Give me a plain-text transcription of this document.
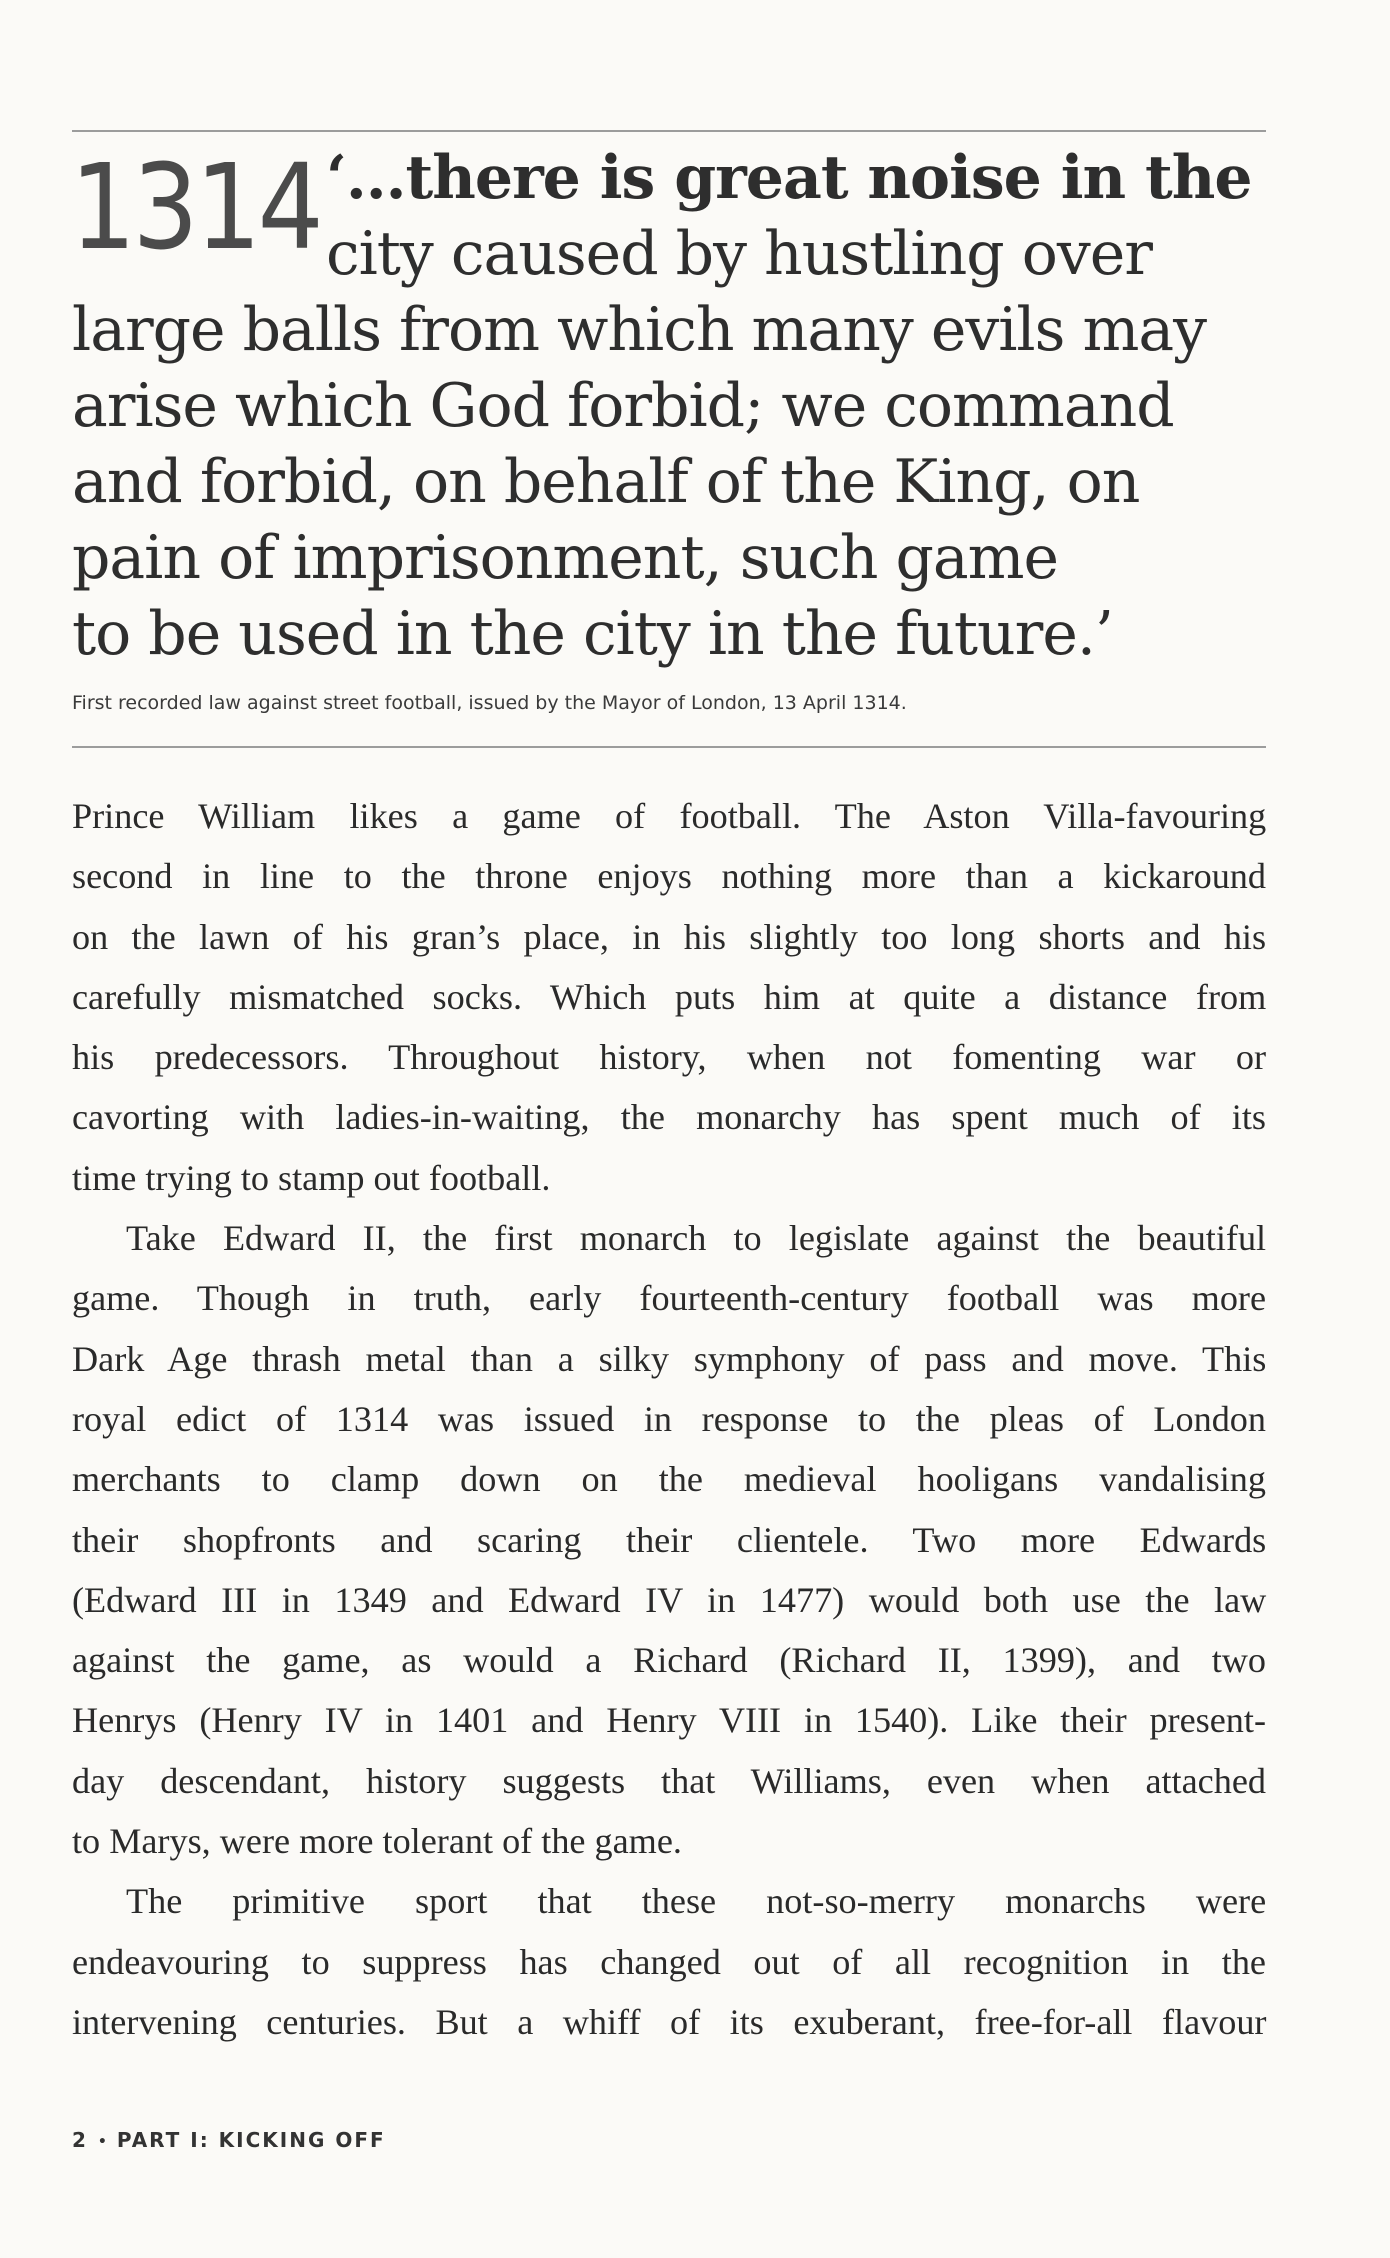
1314 ‘...there is great noise in the
city caused by hustling over
large balls from which many evils may
arise which God forbid; we command
and forbid, on behalf of the King, on
pain of imprisonment, such game
to be used in the city in the future.’
First recorded law against street football, issued by the Mayor of London, 13 April 1314.
Prince William likes a game of football. The Aston Villa-favouring
second in line to the throne enjoys nothing more than a kickaround
on the lawn of his gran’s place, in his slightly too long shorts and his
carefully mismatched socks. Which puts him at quite a distance from
his predecessors. Throughout history, when not fomenting war or
cavorting with ladies-in-waiting, the monarchy has spent much of its
time trying to stamp out football.
Take Edward II, the first monarch to legislate against the beautiful
game. Though in truth, early fourteenth-century football was more
Dark Age thrash metal than a silky symphony of pass and move. This
royal edict of 1314 was issued in response to the pleas of London
merchants to clamp down on the medieval hooligans vandalising
their shopfronts and scaring their clientele. Two more Edwards
(Edward III in 1349 and Edward IV in 1477) would both use the law
against the game, as would a Richard (Richard II, 1399), and two
Henrys (Henry IV in 1401 and Henry VIII in 1540). Like their present-
day descendant, history suggests that Williams, even when attached
to Marys, were more tolerant of the game.
The primitive sport that these not-so-merry monarchs were
endeavouring to suppress has changed out of all recognition in the
intervening centuries. But a whiff of its exuberant, free-for-all flavour
2 • PART I: KICKING OFF
